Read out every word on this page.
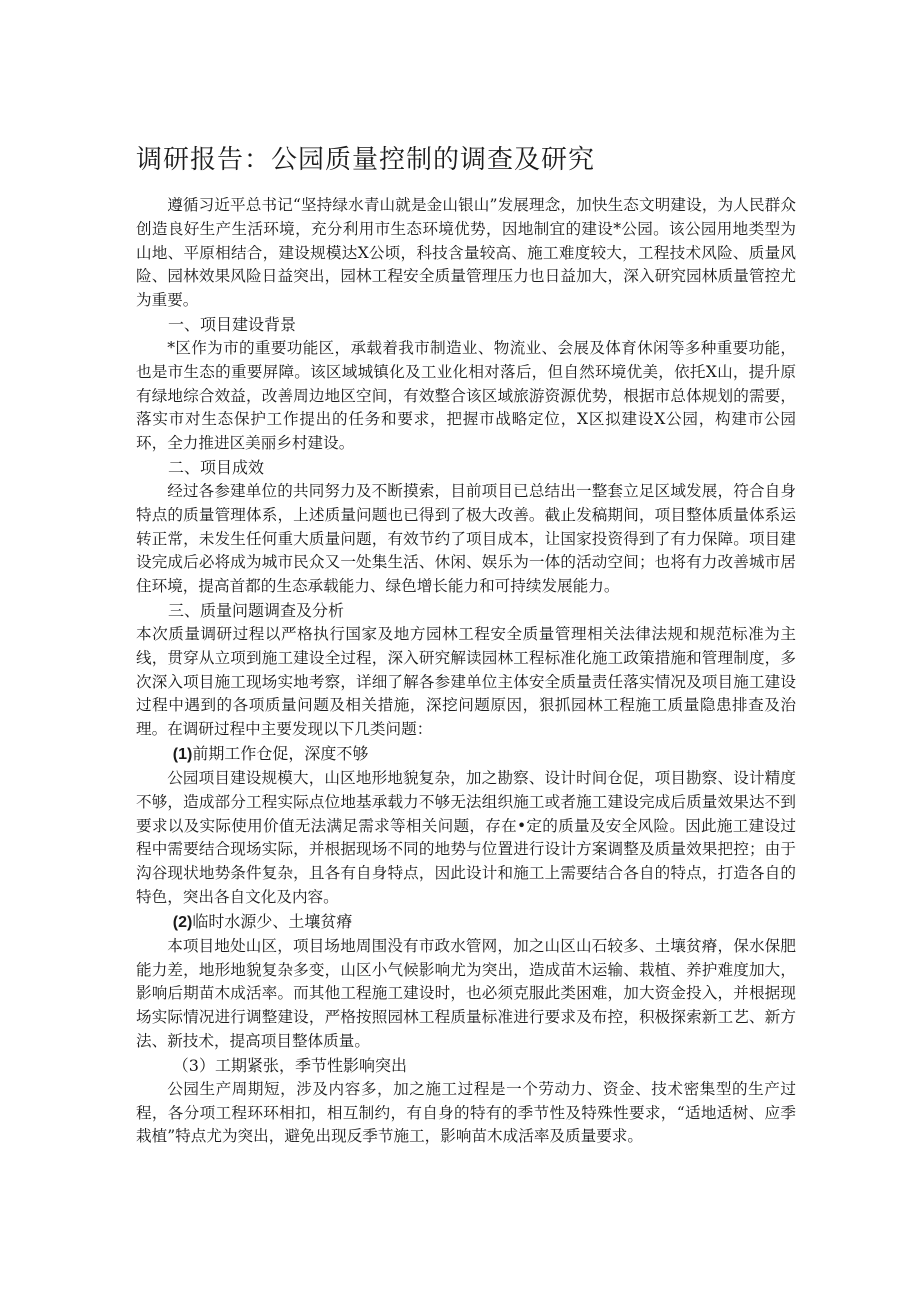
调研报告：公园质量控制的调查及研究

遵循习近平总书记“坚持绿水青山就是金山银山”发展理念，加快生态文明建设，为人民群众创造良好生产生活环境，充分利用市生态环境优势，因地制宜的建设*公园。该公园用地类型为山地、平原相结合，建设规模达X公顷，科技含量较高、施工难度较大，工程技术风险、质量风险、园林效果风险日益突出，园林工程安全质量管理压力也日益加大，深入研究园林质量管控尤为重要。

一、项目建设背景

*区作为市的重要功能区，承载着我市制造业、物流业、会展及体育休闲等多种重要功能，也是市生态的重要屏障。该区域城镇化及工业化相对落后，但自然环境优美，依托X山，提升原有绿地综合效益，改善周边地区空间，有效整合该区域旅游资源优势，根据市总体规划的需要，落实市对生态保护工作提出的任务和要求，把握市战略定位，X区拟建设X公园，构建市公园环，全力推进区美丽乡村建设。

二、项目成效

经过各参建单位的共同努力及不断摸索，目前项目已总结出一整套立足区域发展，符合自身特点的质量管理体系，上述质量问题也已得到了极大改善。截止发稿期间，项目整体质量体系运转正常，未发生任何重大质量问题，有效节约了项目成本，让国家投资得到了有力保障。项目建设完成后必将成为城市民众又一处集生活、休闲、娱乐为一体的活动空间；也将有力改善城市居住环境，提高首都的生态承载能力、绿色增长能力和可持续发展能力。

三、质量问题调查及分析

本次质量调研过程以严格执行国家及地方园林工程安全质量管理相关法律法规和规范标准为主线，贯穿从立项到施工建设全过程，深入研究解读园林工程标准化施工政策措施和管理制度，多次深入项目施工现场实地考察，详细了解各参建单位主体安全质量责任落实情况及项目施工建设过程中遇到的各项质量问题及相关措施，深挖问题原因，狠抓园林工程施工质量隐患排查及治理。在调研过程中主要发现以下几类问题：

(1)前期工作仓促，深度不够

公园项目建设规模大，山区地形地貌复杂，加之勘察、设计时间仓促，项目勘察、设计精度不够，造成部分工程实际点位地基承载力不够无法组织施工或者施工建设完成后质量效果达不到要求以及实际使用价值无法满足需求等相关问题，存在•定的质量及安全风险。因此施工建设过程中需要结合现场实际，并根据现场不同的地势与位置进行设计方案调整及质量效果把控；由于沟谷现状地势条件复杂，且各有自身特点，因此设计和施工上需要结合各自的特点，打造各自的特色，突出各自文化及内容。

(2)临时水源少、土壤贫瘠

本项目地处山区，项目场地周围没有市政水管网，加之山区山石较多、土壤贫瘠，保水保肥能力差，地形地貌复杂多变，山区小气候影响尤为突出，造成苗木运输、栽植、养护难度加大，影响后期苗木成活率。而其他工程施工建设时，也必须克服此类困难，加大资金投入，并根据现场实际情况进行调整建设，严格按照园林工程质量标准进行要求及布控，积极探索新工艺、新方法、新技术，提高项目整体质量。

（3）工期紧张，季节性影响突出

公园生产周期短，涉及内容多，加之施工过程是一个劳动力、资金、技术密集型的生产过程，各分项工程环环相扣，相互制约，有自身的特有的季节性及特殊性要求，“适地适树、应季栽植”特点尤为突出，避免出现反季节施工，影响苗木成活率及质量要求。
